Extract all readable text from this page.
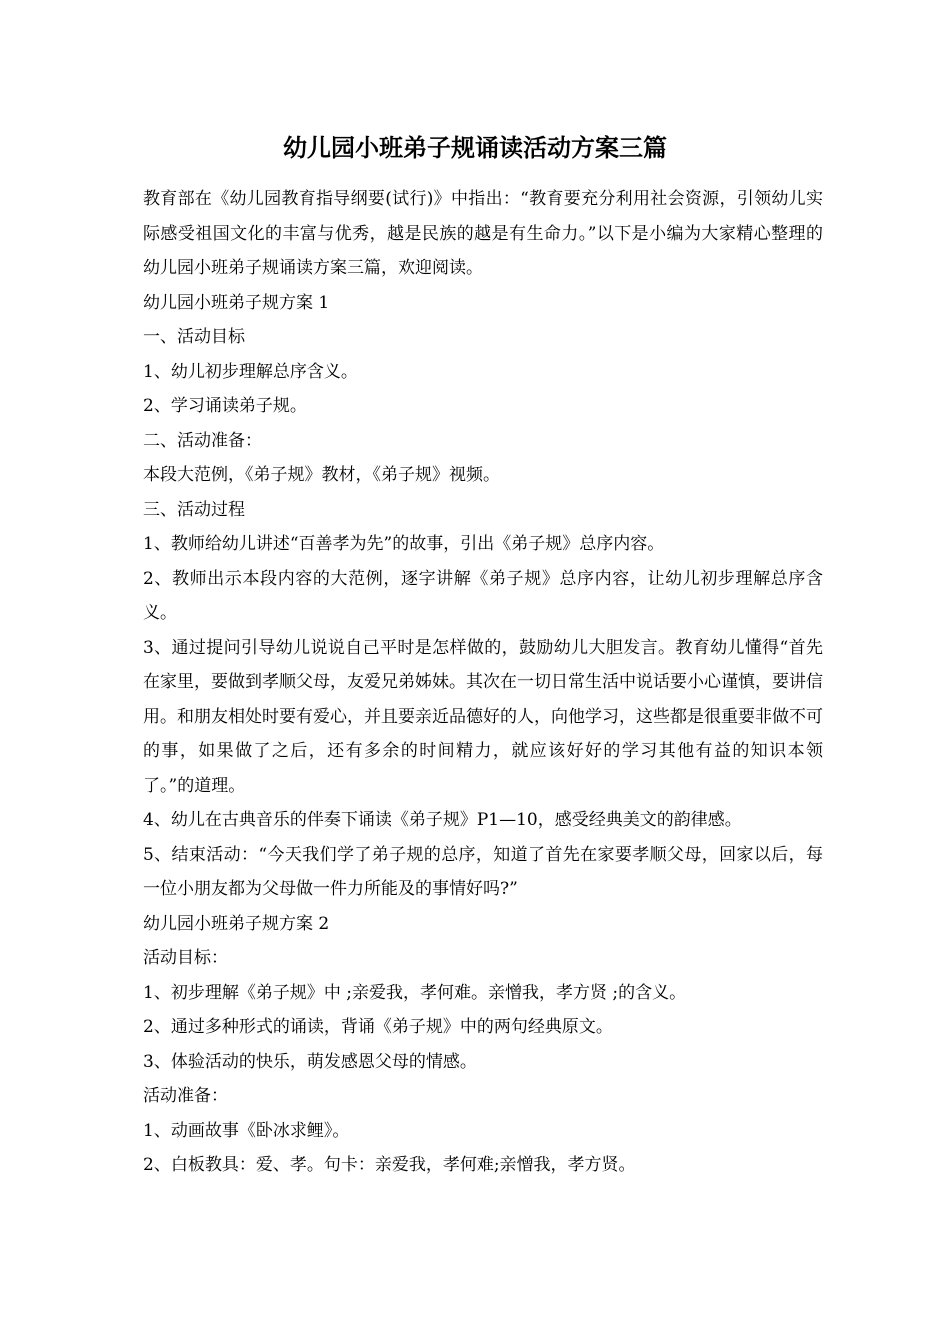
幼儿园小班弟子规诵读活动方案三篇

教育部在《幼儿园教育指导纲要(试行)》中指出：“教育要充分利用社会资源，引领幼儿实际感受祖国文化的丰富与优秀，越是民族的越是有生命力。”以下是小编为大家精心整理的幼儿园小班弟子规诵读方案三篇，欢迎阅读。

幼儿园小班弟子规方案 1

一、活动目标

1、幼儿初步理解总序含义。

2、学习诵读弟子规。

二、活动准备：

本段大范例，《弟子规》教材，《弟子规》视频。

三、活动过程

1、教师给幼儿讲述“百善孝为先”的故事，引出《弟子规》总序内容。

2、教师出示本段内容的大范例，逐字讲解《弟子规》总序内容，让幼儿初步理解总序含义。

3、通过提问引导幼儿说说自己平时是怎样做的，鼓励幼儿大胆发言。教育幼儿懂得“首先在家里，要做到孝顺父母，友爱兄弟姊妹。其次在一切日常生活中说话要小心谨慎，要讲信用。和朋友相处时要有爱心，并且要亲近品德好的人，向他学习，这些都是很重要非做不可的事，如果做了之后，还有多余的时间精力，就应该好好的学习其他有益的知识本领了。”的道理。

4、幼儿在古典音乐的伴奏下诵读《弟子规》P1—10，感受经典美文的韵律感。

5、结束活动：“今天我们学了弟子规的总序，知道了首先在家要孝顺父母，回家以后，每一位小朋友都为父母做一件力所能及的事情好吗?”

幼儿园小班弟子规方案 2

活动目标：

1、初步理解《弟子规》中 ;亲爱我，孝何难。亲憎我，孝方贤 ;的含义。

2、通过多种形式的诵读，背诵《弟子规》中的两句经典原文。

3、体验活动的快乐，萌发感恩父母的情感。

活动准备：

1、动画故事《卧冰求鲤》。

2、白板教具：爱、孝。句卡：亲爱我，孝何难;亲憎我，孝方贤。
